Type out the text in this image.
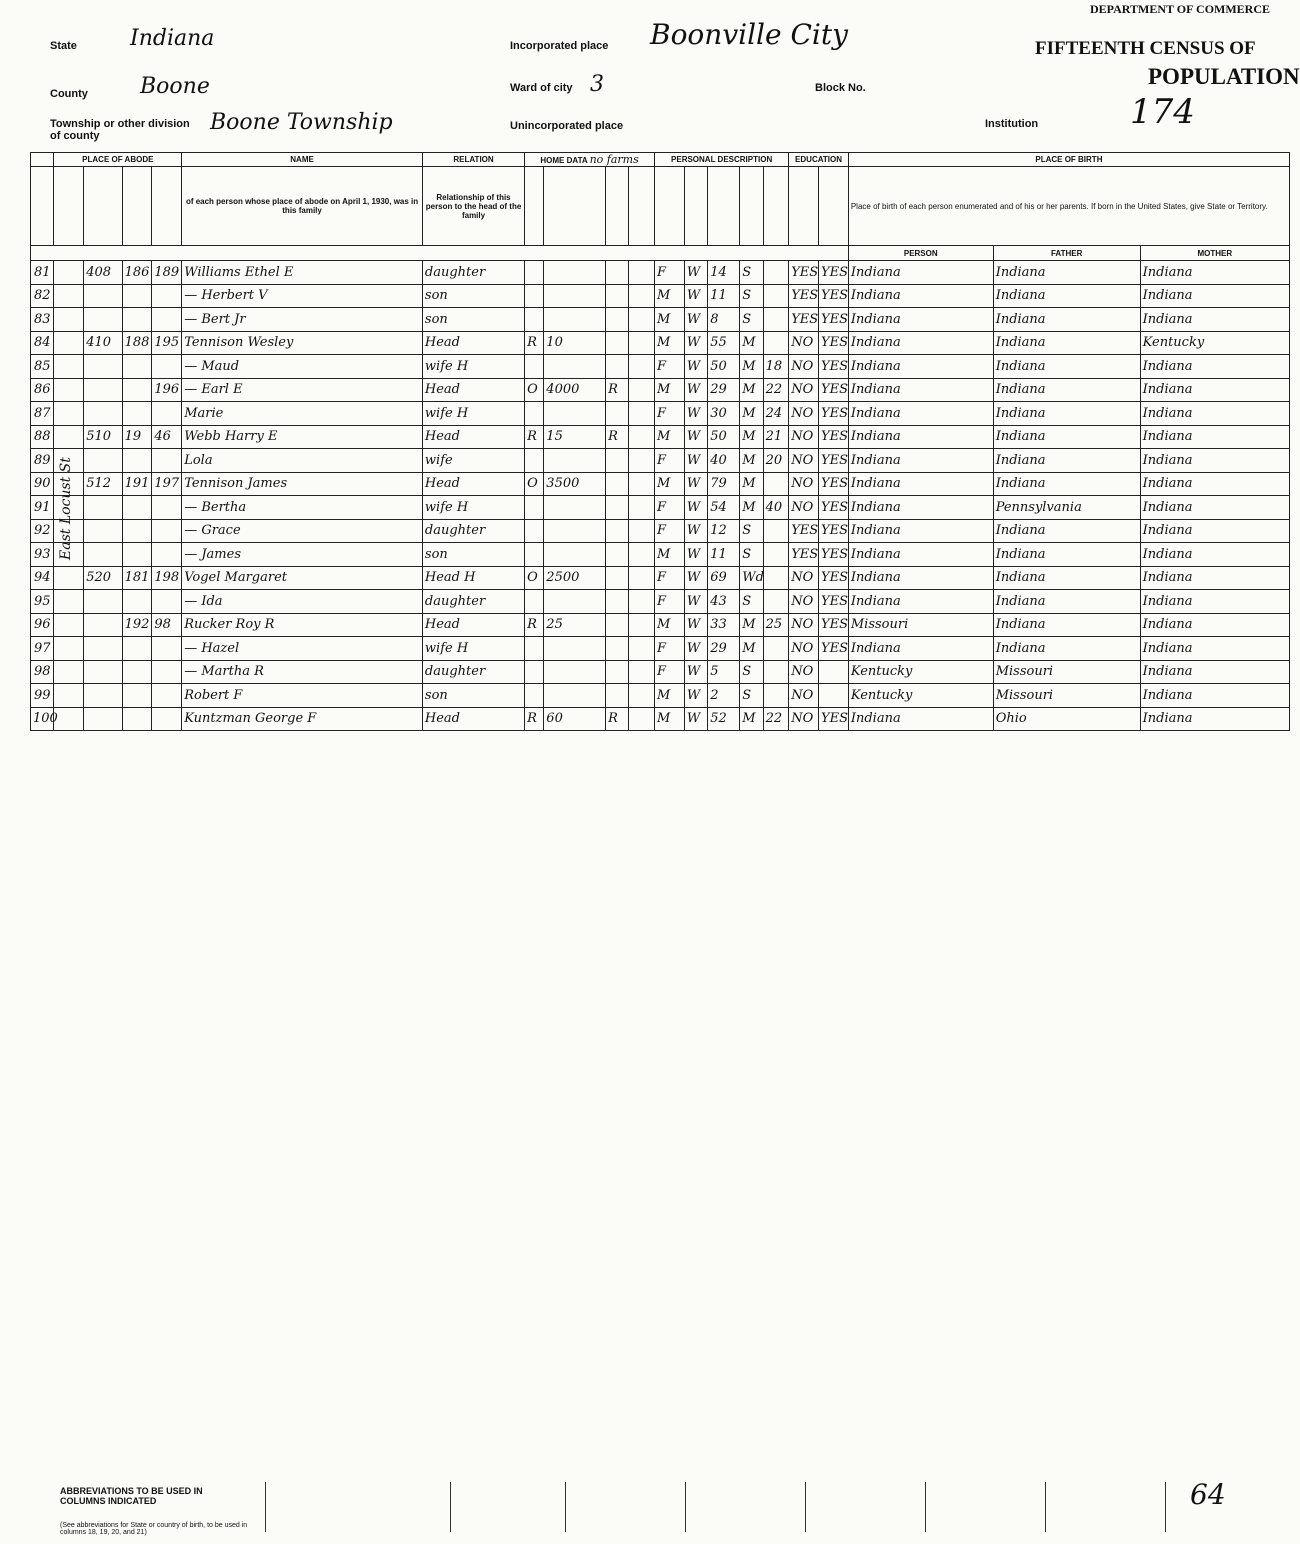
State Indiana
County Boone
Township or other division of county
Boone Township
Incorporated place Boonville City
Ward of city 3	Block No.
Unincorporated place	Institution
DEPARTMENT OF COMMERCE
FIFTEENTH CENSUS OF
POPULATION
174
	PLACE OF ABODE				NAME	RELATION	HOME DATA no farms				PERSONAL DESCRIPTION					EDUCATION		PLACE OF BIRTH		
					of each person whose place of abode on April 1, 1930, was in this family	Relationship of this person to the head of the family												Place of birth of each person enumerated and of his or her parents. If born in the United States, give State or Territory.		
																		PERSON	FATHER	MOTHER
81		408	186	189	Williams Ethel E	daughter					F	W	14	S		YES	YES	Indiana	Indiana	Indiana
82					— Herbert V	son					M	W	11	S		YES	YES	Indiana	Indiana	Indiana
83					— Bert Jr	son					M	W	8	S		YES	YES	Indiana	Indiana	Indiana
84		410	188	195	Tennison Wesley	Head	R	10			M	W	55	M		NO	YES	Indiana	Indiana	Kentucky
85					— Maud	wife H					F	W	50	M	18	NO	YES	Indiana	Indiana	Indiana
86				196	— Earl E	Head	O	4000	R		M	W	29	M	22	NO	YES	Indiana	Indiana	Indiana
87					Marie	wife H					F	W	30	M	24	NO	YES	Indiana	Indiana	Indiana
88		510	19	46	Webb Harry E	Head	R	15	R		M	W	50	M	21	NO	YES	Indiana	Indiana	Indiana
89					Lola	wife					F	W	40	M	20	NO	YES	Indiana	Indiana	Indiana
90		512	191	197	Tennison James	Head	O	3500			M	W	79	M		NO	YES	Indiana	Indiana	Indiana
91					— Bertha	wife H					F	W	54	M	40	NO	YES	Indiana	Pennsylvania	Indiana
92					— Grace	daughter					F	W	12	S		YES	YES	Indiana	Indiana	Indiana
93					— James	son					M	W	11	S		YES	YES	Indiana	Indiana	Indiana
94		520	181	198	Vogel Margaret	Head H	O	2500			F	W	69	Wd		NO	YES	Indiana	Indiana	Indiana
95					— Ida	daughter					F	W	43	S		NO	YES	Indiana	Indiana	Indiana
96			192	98	Rucker Roy R	Head	R	25			M	W	33	M	25	NO	YES	Missouri	Indiana	Indiana
97					— Hazel	wife H					F	W	29	M		NO	YES	Indiana	Indiana	Indiana
98					— Martha R	daughter					F	W	5	S		NO		Kentucky	Missouri	Indiana
99					Robert F	son					M	W	2	S		NO		Kentucky	Missouri	Indiana
100					Kuntzman George F	Head	R	60	R		M	W	52	M	22	NO	YES	Indiana	Ohio	Indiana
East Locust St
ABBREVIATIONS TO BE USED IN COLUMNS INDICATED
(See abbreviations for State or country of birth, to be used in columns 18, 19, 20, and 21)
64
